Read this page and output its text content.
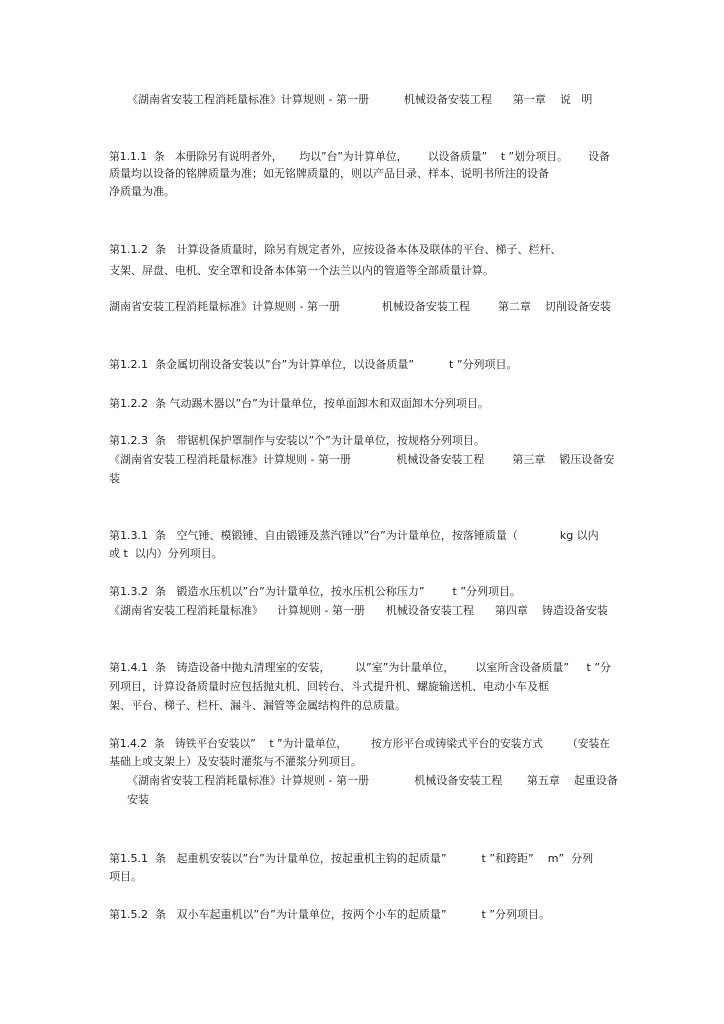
《湖南省安装工程消耗量标准》计算规则 - 第一册          机械设备安装工程      第一章    说   明
第1.1.1  条   本册除另有说明者外，     均以”台”为计算单位，      以设备质量”    t ”划分项目。      设备
质量均以设备的铭牌质量为准；如无铭牌质量的，则以产品目录、样本、说明书所注的设备
净质量为准。
第1.1.2  条   计算设备质量时，除另有规定者外，应按设备本体及联体的平台、梯子、栏杆、
支架、屏盘、电机、安全罩和设备本体第一个法兰以内的管道等全部质量计算。
湖南省安装工程消耗量标准》计算规则 - 第一册            机械设备安装工程        第二章    切削设备安装
第1.2.1  条金属切削设备安装以”台”为计算单位，以设备质量”          t ”分列项目。
第1.2.2  条 气动踢木器以”台”为计量单位，按单面卸木和双面卸木分列项目。
第1.2.3  条   带锯机保护罩制作与安装以”个”为计量单位，按规格分列项目。
《湖南省安装工程消耗量标准》计算规则 - 第一册             机械设备安装工程        第三章    锻压设备安
装
第1.3.1  条   空气锤、模锻锤、自由锻锤及蒸汽锤以”台”为计量单位，按落锤质量（            kg 以内
或 t  以内）分列项目。
第1.3.2  条   锻造水压机以”台”为计量单位，按水压机公称压力”        t ”分列项目。
《湖南省安装工程消耗量标准》    计算规则 - 第一册      机械设备安装工程      第四章    铸造设备安装
第1.4.1  条   铸造设备中抛丸清理室的安装，       以”室”为计量单位，      以室所含设备质量”     t ”分
列项目，计算设备质量时应包括抛丸机、回转台、斗式提升机、螺旋输送机、电动小车及框
架、平台、梯子、栏杆、漏斗、漏管等金属结构件的总质量。
第1.4.2  条   铸铁平台安装以”    t ”为计量单位，       按方形平台或铸梁式平台的安装方式       （安装在
基础上或支架上）及安装时灌浆与不灌浆分列项目。
《湖南省安装工程消耗量标准》计算规则 - 第一册             机械设备安装工程       第五章    起重设备
安装
第1.5.1  条   起重机安装以”台”为计量单位，按起重机主钩的起质量”          t ”和跨距”    m”  分列
项目。
第1.5.2  条   双小车起重机以”台”为计量单位，按两个小车的起质量”          t ”分列项目。
